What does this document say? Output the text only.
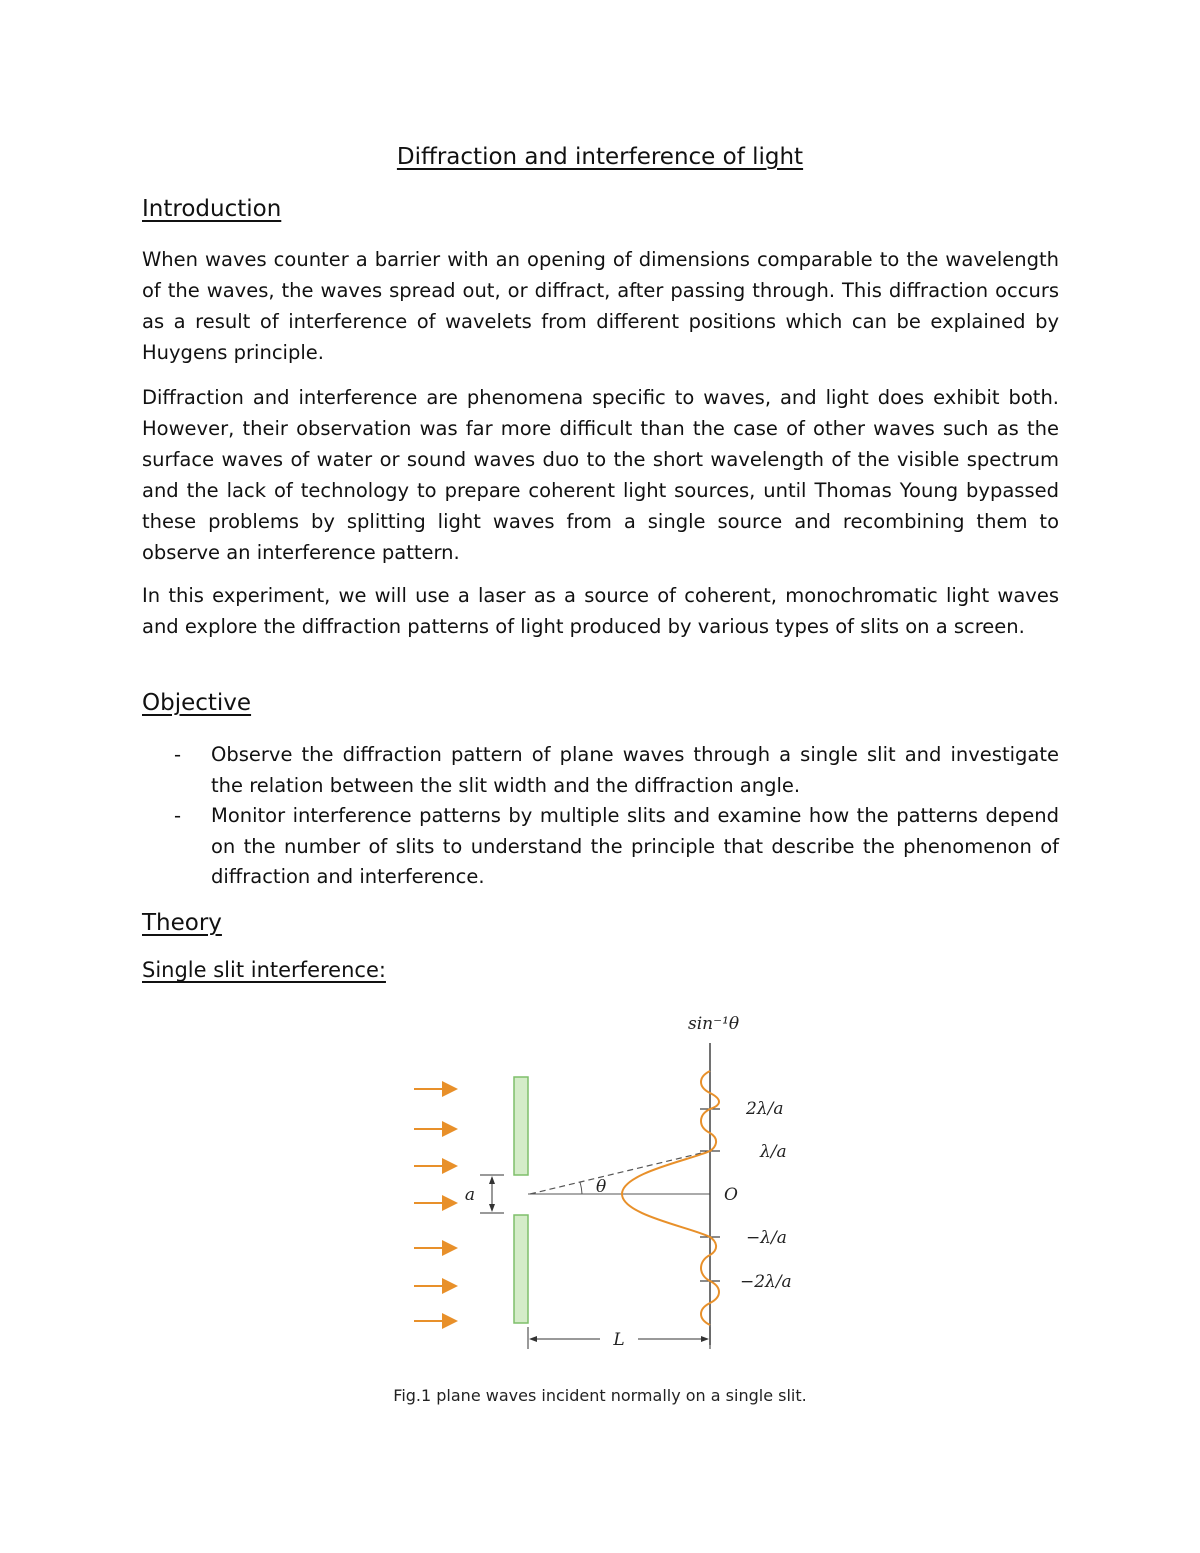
Diffraction and interference of light
Introduction

When waves counter a barrier with an opening of dimensions comparable to the wavelength of the waves, the waves spread out, or diffract, after passing through. This diffraction occurs as a result of interference of wavelets from different positions which can be explained by Huygens principle.

Diffraction and interference are phenomena specific to waves, and light does exhibit both. However, their observation was far more difficult than the case of other waves such as the surface waves of water or sound waves duo to the short wavelength of the visible spectrum and the lack of technology to prepare coherent light sources, until Thomas Young bypassed these problems by splitting light waves from a single source and recombining them to observe an interference pattern.

In this experiment, we will use a laser as a source of coherent, monochromatic light waves and explore the diffraction patterns of light produced by various types of slits on a screen.

Objective
- Observe the diffraction pattern of plane waves through a single slit and investigate the relation between the slit width and the diffraction angle.
- Monitor interference patterns by multiple slits and examine how the patterns depend on the number of slits to understand the principle that describe the phenomenon of diffraction and interference.
Theory
Single slit interference:
a	θ
sin⁻¹θ
2λ/a
λ/a
O
−λ/a
−2λ/a
L
Fig.1 plane waves incident normally on a single slit.
